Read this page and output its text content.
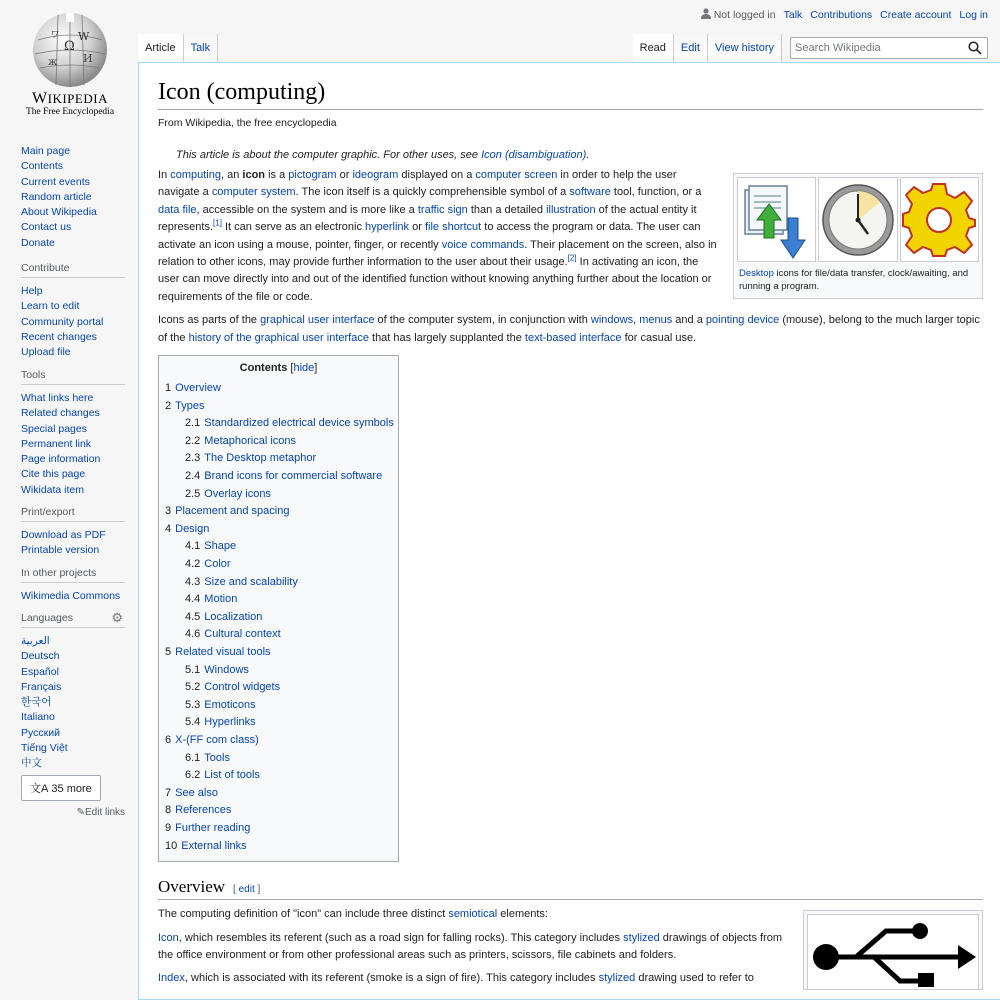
Ω
W
ワ
И
ж
WIKIPEDIA
The Free Encyclopedia
Main page
Contents
Current events
Random article
About Wikipedia
Contact us
Donate
Contribute
Help
Learn to edit
Community portal
Recent changes
Upload file
Tools
What links here
Related changes
Special pages
Permanent link
Page information
Cite this page
Wikidata item
Print/export
Download as PDF
Printable version
In other projects
Wikimedia Commons
Languages	⚙
العربية
Deutsch
Español
Français
한국어
Italiano
Русский
Tiếng Việt
中文
文A 35 more
✎Edit links
Not logged in Talk Contributions Create account Log in
Article	Talk	Read	Edit	View history
Search Wikipedia
Icon (computing)
From Wikipedia, the free encyclopedia
This article is about the computer graphic. For other uses, see Icon (disambiguation).
Desktop icons for file/data transfer, clock/awaiting, and running a program.

In computing, an icon is a pictogram or ideogram displayed on a computer screen in order to help the user navigate a computer system. The icon itself is a quickly comprehensible symbol of a software tool, function, or a data file, accessible on the system and is more like a traffic sign than a detailed illustration of the actual entity it represents.[1] It can serve as an electronic hyperlink or file shortcut to access the program or data. The user can activate an icon using a mouse, pointer, finger, or recently voice commands. Their placement on the screen, also in relation to other icons, may provide further information to the user about their usage.[2] In activating an icon, the user can move directly into and out of the identified function without knowing anything further about the location or requirements of the file or code.

Icons as parts of the graphical user interface of the computer system, in conjunction with windows, menus and a pointing device (mouse), belong to the much larger topic of the history of the graphical user interface that has largely supplanted the text-based interface for casual use.

Contents [hide]
1 Overview
2 Types
2.1 Standardized electrical device symbols
2.2 Metaphorical icons
2.3 The Desktop metaphor
2.4 Brand icons for commercial software
2.5 Overlay icons
3 Placement and spacing
4 Design
4.1 Shape
4.2 Color
4.3 Size and scalability
4.4 Motion
4.5 Localization
4.6 Cultural context
5 Related visual tools
5.1 Windows
5.2 Control widgets
5.3 Emoticons
5.4 Hyperlinks
6 X-(FF com class)
6.1 Tools
6.2 List of tools
7 See also
8 References
9 Further reading
10 External links
Overview [ edit ]

The computing definition of "icon" can include three distinct semiotical elements:

Icon, which resembles its referent (such as a road sign for falling rocks). This category includes stylized drawings of objects from the office environment or from other professional areas such as printers, scissors, file cabinets and folders.

Index, which is associated with its referent (smoke is a sign of fire). This category includes stylized drawing used to refer to
